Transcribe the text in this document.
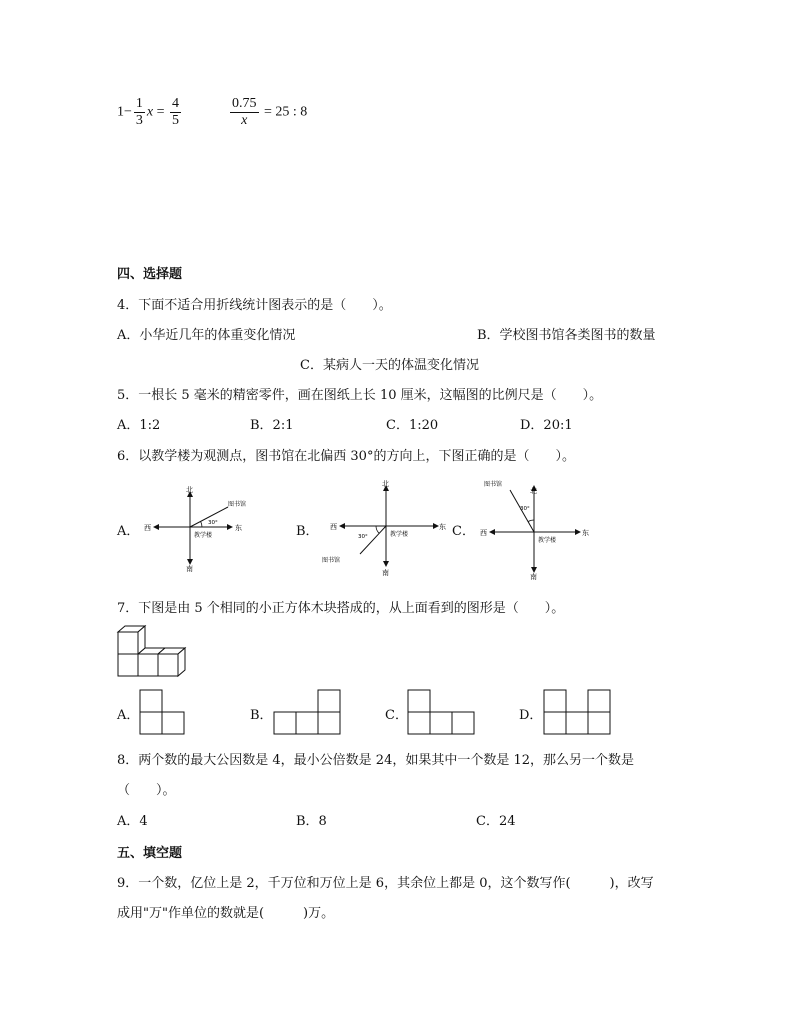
$1- \frac{1}{3}$ $x = \frac{4}{5}$	$\frac{0.75}{x} = 25$ : 8
四、选择题
4．下面不适合用折线统计图表示的是（　　）。
A．小华近几年的体重变化情况	B．学校图书馆各类图书的数量
C．某病人一天的体温变化情况
5．一根长 5 毫米的精密零件，画在图纸上长 10 厘米，这幅图的比例尺是（　　）。
A．1:2	B．2:1	C．1:20	D．20:1
6．以教学楼为观测点，图书馆在北偏西 30°的方向上，下图正确的是（　　）。
A．	B．	C．
北
南
东
西
教学楼
图书馆
30°
北
南
东
西
教学楼
图书馆
30°
北
南
东
西
教学楼
图书馆
30°
7．下图是由 5 个相同的小正方体木块搭成的，从上面看到的图形是（　　）。
A．	B．	C．	D．
8．两个数的最大公因数是 4，最小公倍数是 24，如果其中一个数是 12，那么另一个数是
（　　）。
A．4	B．8	C．24
五、填空题
9．一个数，亿位上是 2，千万位和万位上是 6，其余位上都是 0，这个数写作(　　　)，改写
成用"万"作单位的数就是(　　　)万。
